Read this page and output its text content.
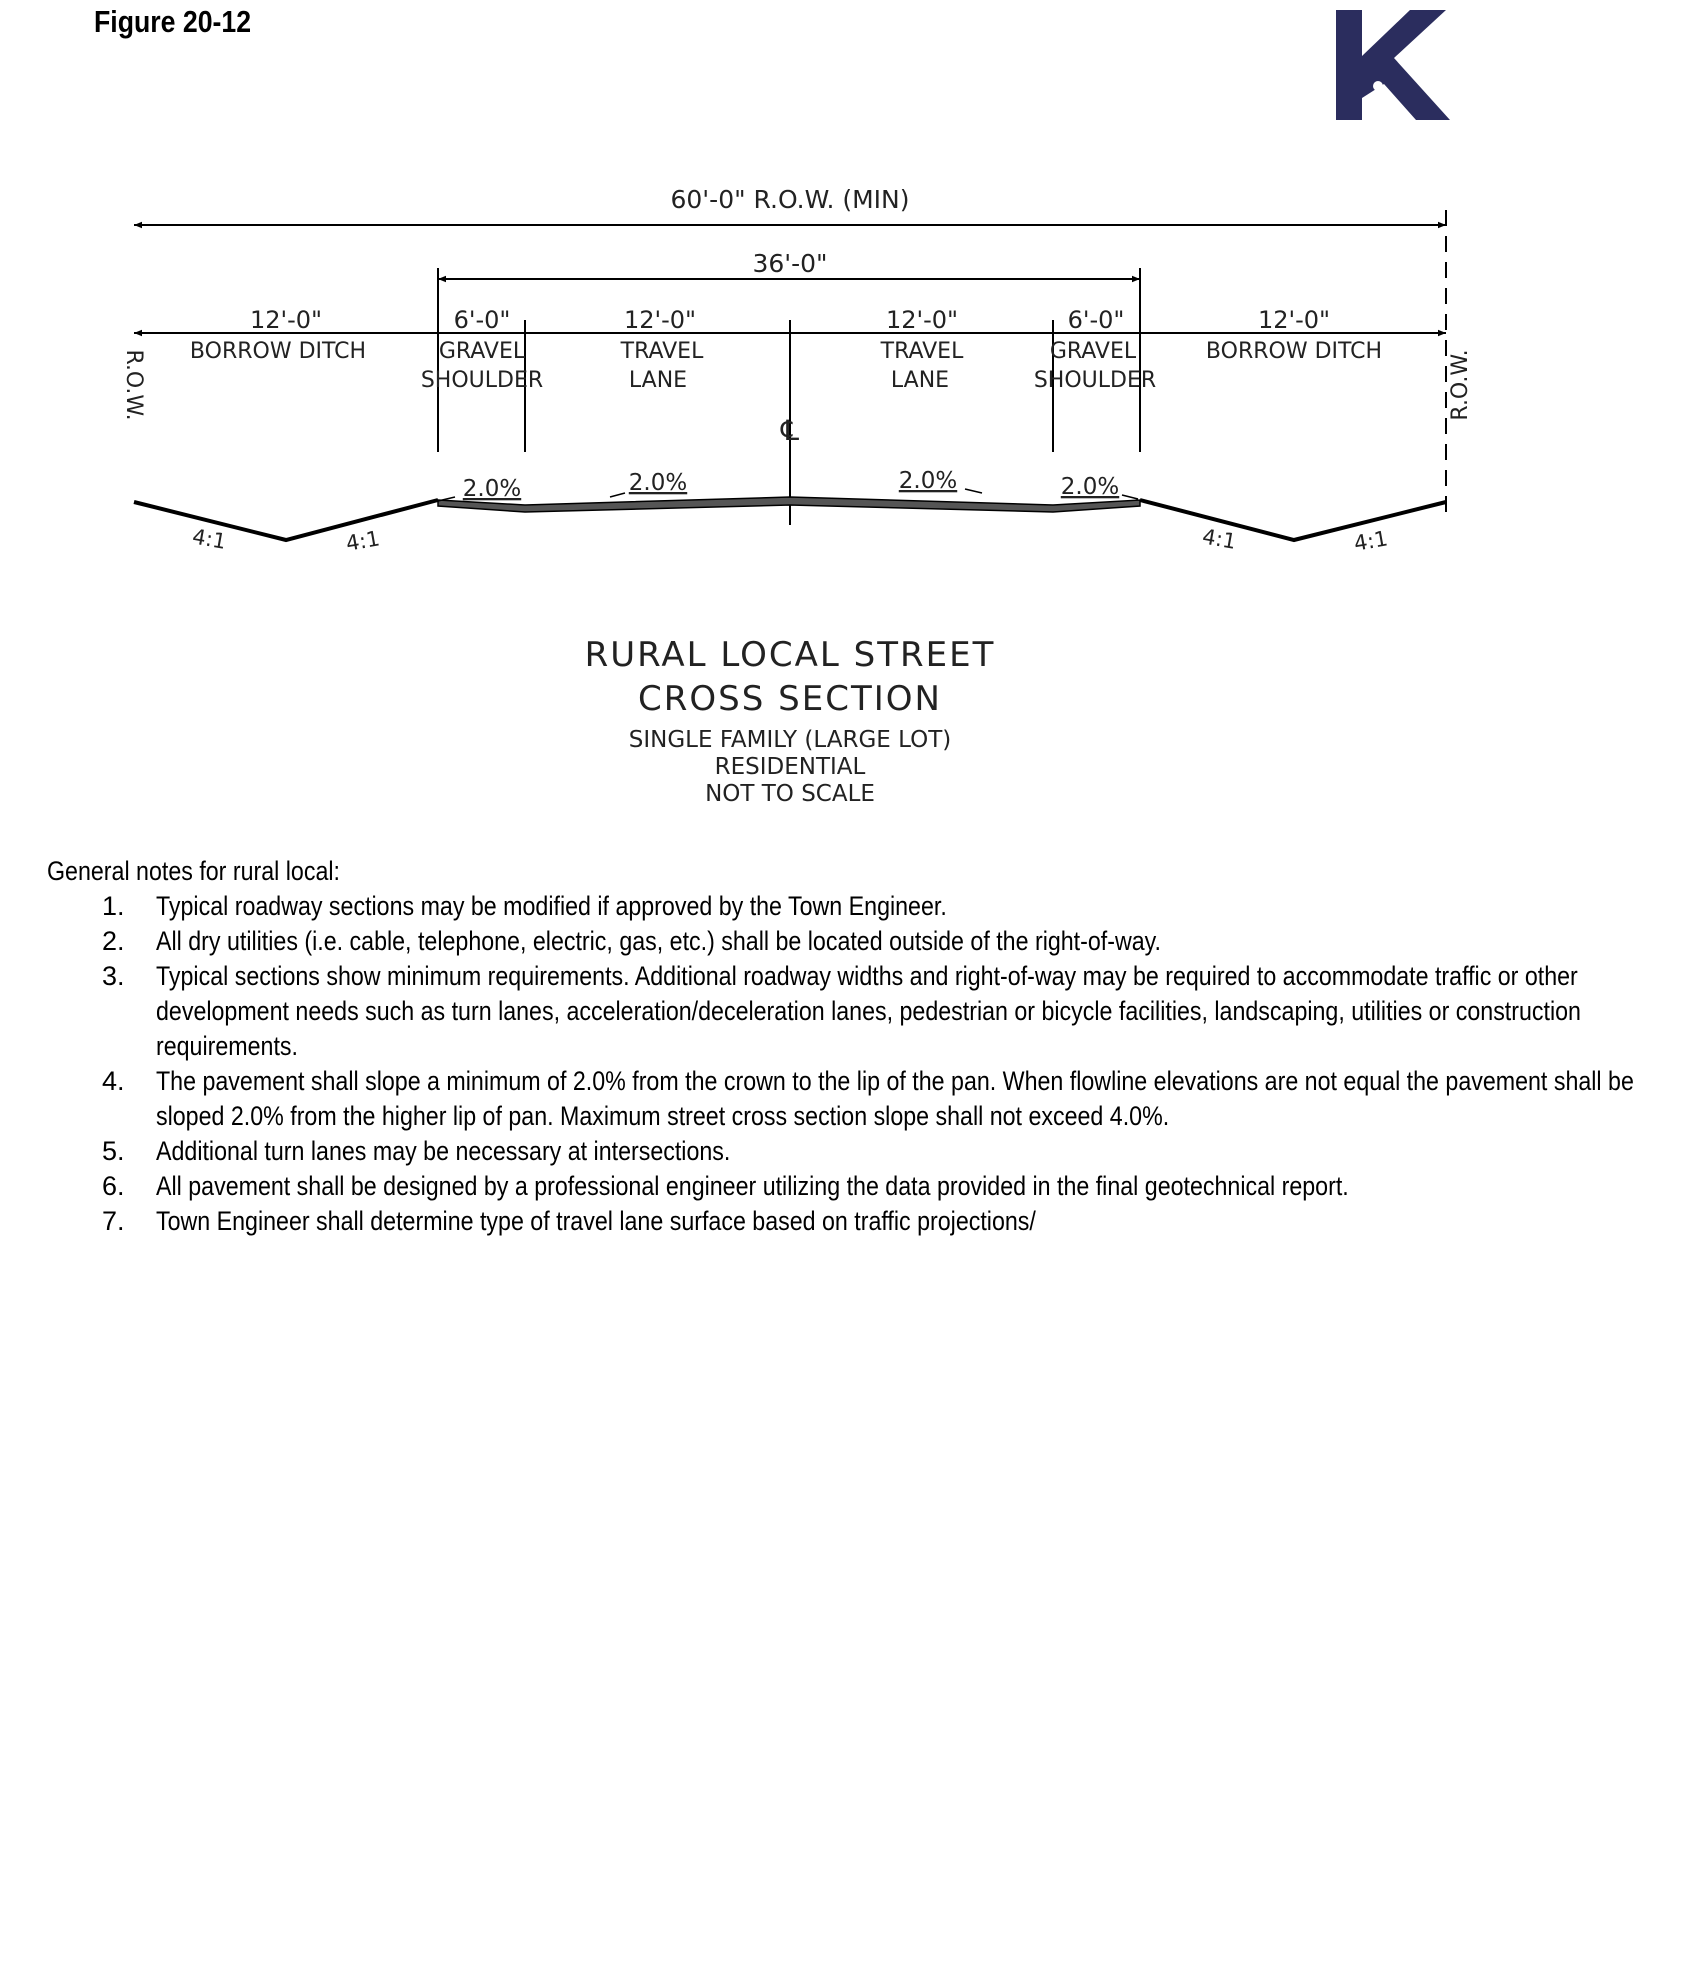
Figure 20-12
60'-0" R.O.W. (MIN)
36'-0"
12'-0"	6'-0"	12'-0"	12'-0"	6'-0"	12'-0"
BORROW DITCH	GRAVEL
SHOULDER
TRAVEL
LANE
TRAVEL
LANE
GRAVEL
SHOULDER
BORROW DITCH
℄
R.O.W.	R.O.W.
2.0%	2.0%	2.0%	2.0%
4:1	4:1	4:1	4:1
RURAL LOCAL STREET
CROSS SECTION
SINGLE FAMILY (LARGE LOT)
RESIDENTIAL
NOT TO SCALE
General notes for rural local:
1.	Typical roadway sections may be modified if approved by the Town Engineer.
2.	All dry utilities (i.e. cable, telephone, electric, gas, etc.) shall be located outside of the right-of-way.
3.	Typical sections show minimum requirements. Additional roadway widths and right-of-way may be required to accommodate traffic or other development needs such as turn lanes, acceleration/deceleration lanes, pedestrian or bicycle facilities, landscaping, utilities or construction requirements.
4.	The pavement shall slope a minimum of 2.0% from the crown to the lip of the pan. When flowline elevations are not equal the pavement shall be sloped 2.0% from the higher lip of pan. Maximum street cross section slope shall not exceed 4.0%.
5.	Additional turn lanes may be necessary at intersections.
6.	All pavement shall be designed by a professional engineer utilizing the data provided in the final geotechnical report.
7.	Town Engineer shall determine type of travel lane surface based on traffic projections/
